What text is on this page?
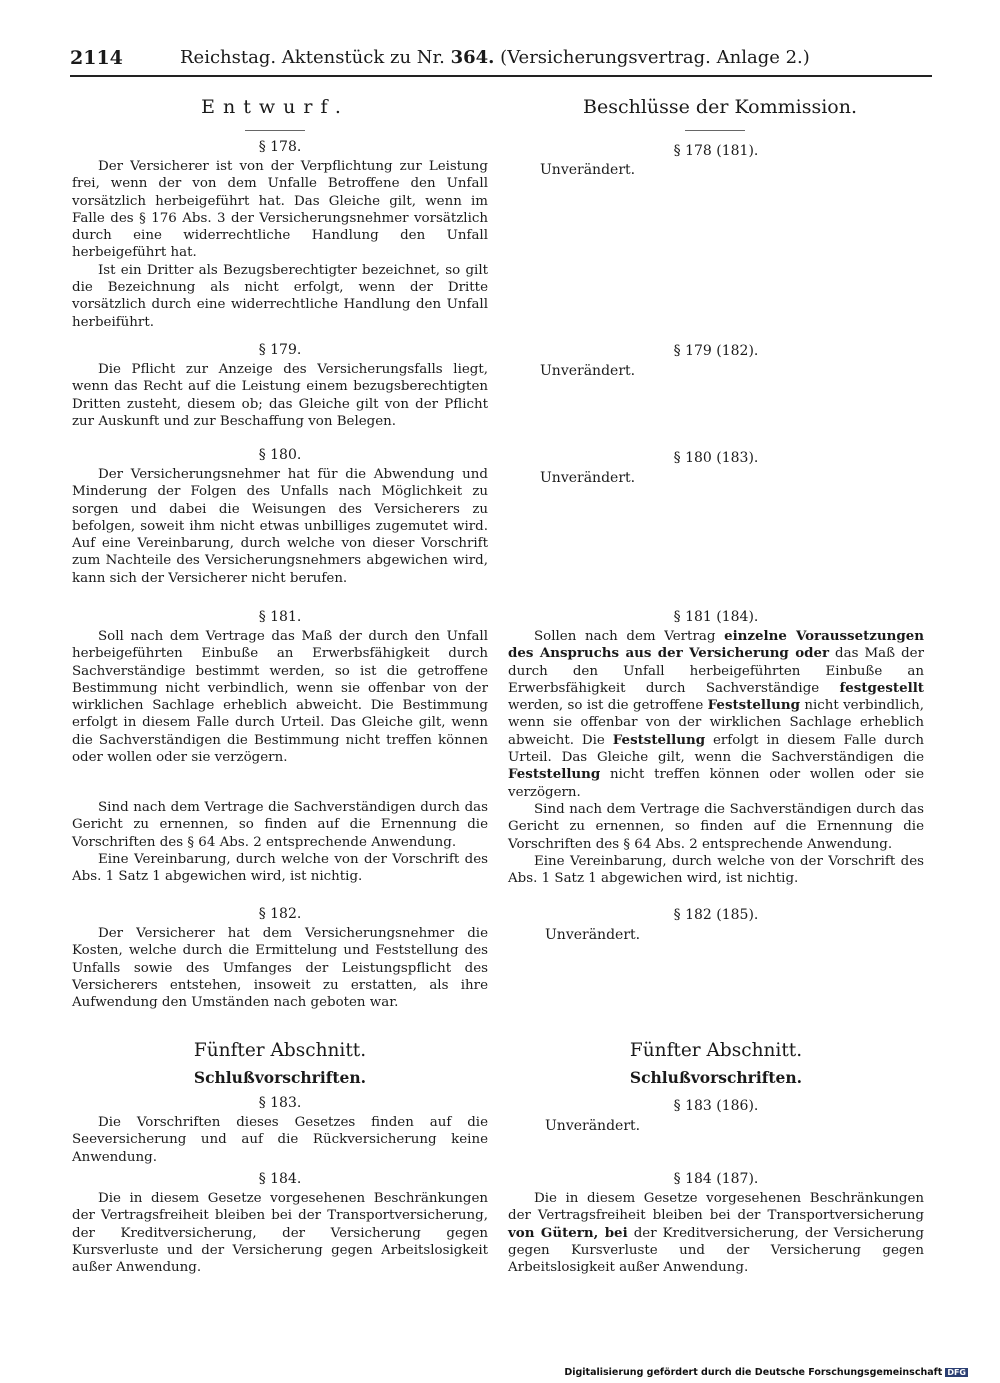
2114	Reichstag. Aktenstück zu Nr. 364. (Versicherungsvertrag. Anlage 2.)
Entwurf.	Beschlüsse der Kommission.

§ 178.

Der Versicherer ist von der Verpflichtung zur Leistung frei, wenn der von dem Unfalle Betroffene den Unfall vorsätzlich herbeigeführt hat. Das Gleiche gilt, wenn im Falle des § 176 Abs. 3 der Versicherungsnehmer vorsätzlich durch eine widerrechtliche Handlung den Unfall herbeigeführt hat.

Ist ein Dritter als Bezugsberechtigter bezeichnet, so gilt die Bezeichnung als nicht erfolgt, wenn der Dritte vorsätzlich durch eine widerrechtliche Handlung den Unfall herbeiführt.

§ 179.

Die Pflicht zur Anzeige des Versicherungsfalls liegt, wenn das Recht auf die Leistung einem bezugsberechtigten Dritten zusteht, diesem ob; das Gleiche gilt von der Pflicht zur Auskunft und zur Beschaffung von Belegen.

§ 180.

Der Versicherungsnehmer hat für die Abwendung und Minderung der Folgen des Unfalls nach Möglichkeit zu sorgen und dabei die Weisungen des Versicherers zu befolgen, soweit ihm nicht etwas unbilliges zugemutet wird. Auf eine Vereinbarung, durch welche von dieser Vorschrift zum Nachteile des Versicherungsnehmers abgewichen wird, kann sich der Versicherer nicht berufen.

§ 181.

Soll nach dem Vertrage das Maß der durch den Unfall herbeigeführten Einbuße an Erwerbsfähigkeit durch Sachverständige bestimmt werden, so ist die getroffene Bestimmung nicht verbindlich, wenn sie offenbar von der wirklichen Sachlage erheblich abweicht. Die Bestimmung erfolgt in diesem Falle durch Urteil. Das Gleiche gilt, wenn die Sachverständigen die Bestimmung nicht treffen können oder wollen oder sie verzögern.

Sind nach dem Vertrage die Sachverständigen durch das Gericht zu ernennen, so finden auf die Ernennung die Vorschriften des § 64 Abs. 2 entsprechende Anwendung.

Eine Vereinbarung, durch welche von der Vorschrift des Abs. 1 Satz 1 abgewichen wird, ist nichtig.

§ 182.

Der Versicherer hat dem Versicherungsnehmer die Kosten, welche durch die Ermittelung und Feststellung des Unfalls sowie des Umfanges der Leistungspflicht des Versicherers entstehen, insoweit zu erstatten, als ihre Aufwendung den Umständen nach geboten war.

Fünfter Abschnitt.
Schlußvorschriften.

§ 183.

Die Vorschriften dieses Gesetzes finden auf die Seeversicherung und auf die Rückversicherung keine Anwendung.

§ 184.

Die in diesem Gesetze vorgesehenen Beschränkungen der Vertragsfreiheit bleiben bei der Transportversicherung, der Kreditversicherung, der Versicherung gegen Kursverluste und der Versicherung gegen Arbeitslosigkeit außer Anwendung.

§ 178 (181).
Unverändert.
§ 179 (182).
Unverändert.
§ 180 (183).
Unverändert.

§ 181 (184).

Sollen nach dem Vertrag einzelne Voraussetzungen des Anspruchs aus der Versicherung oder das Maß der durch den Unfall herbeigeführten Einbuße an Erwerbsfähigkeit durch Sachverständige festgestellt werden, so ist die getroffene Feststellung nicht verbindlich, wenn sie offenbar von der wirklichen Sachlage erheblich abweicht. Die Feststellung erfolgt in diesem Falle durch Urteil. Das Gleiche gilt, wenn die Sachverständigen die Feststellung nicht treffen können oder wollen oder sie verzögern.

Sind nach dem Vertrage die Sachverständigen durch das Gericht zu ernennen, so finden auf die Ernennung die Vorschriften des § 64 Abs. 2 entsprechende Anwendung.

Eine Vereinbarung, durch welche von der Vorschrift des Abs. 1 Satz 1 abgewichen wird, ist nichtig.

§ 182 (185).
Unverändert.
Fünfter Abschnitt.
Schlußvorschriften.
§ 183 (186).
Unverändert.

§ 184 (187).

Die in diesem Gesetze vorgesehenen Beschränkungen der Vertragsfreiheit bleiben bei der Transportversicherung von Gütern, bei der Kreditversicherung, der Versicherung gegen Kursverluste und der Versicherung gegen Arbeitslosigkeit außer Anwendung.

Digitalisierung gefördert durch die Deutsche Forschungsgemeinschaft DFG
